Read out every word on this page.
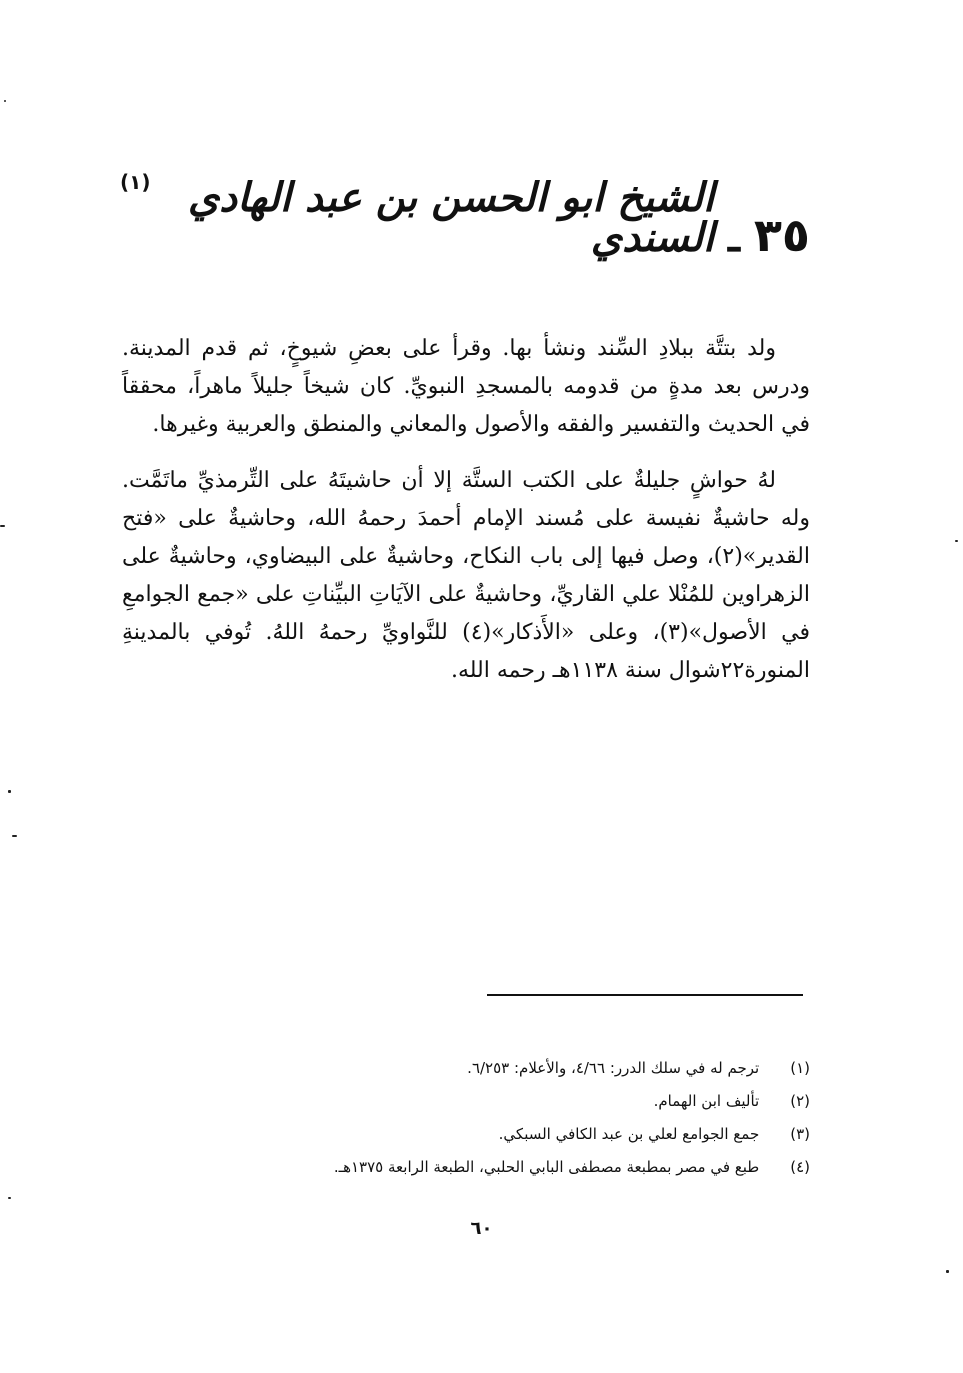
٣٥
ـ
الشيخ ابو الحسن بن عبد الهادي السندي
(١)

ولد بتتَّة ببلادِ السِّند ونشأ بها. وقرأ على بعضِ شيوخٍ، ثم قدم المدينة. ودرس بعد مدةٍ من قدومه بالمسجدِ النبويِّ. كان شيخاً جليلاً ماهراً، محققاً في الحديث والتفسير والفقه والأصول والمعاني والمنطق والعربية وغيرها.

لهُ حواشٍ جليلةٌ على الكتب الستَّة إلا أن حاشيتَهُ على التِّرمذيِّ ماتَمَّت. وله حاشيةٌ نفيسة على مُسند الإمام أحمدَ رحمهُ الله، وحاشيةٌ على «فتح القدير»(٢)، وصل فيها إلى باب النكاح، وحاشيةٌ على البيضاوي، وحاشيةٌ على الزهراوين للمُنْلا علي القاريِّ، وحاشيةٌ على الآيَاتِ البيِّناتِ على «جمع الجوامعِ في الأصول»(٣)، وعلى «الأَذكار»(٤) للنَّواويِّ رحمهُ اللهُ. تُوفي بالمدينةِ المنورة٢٢شوال سنة ١١٣٨هـ رحمه الله.

(١) ترجم له في سلك الدرر: ٤/٦٦، والأعلام: ٦/٢٥٣.
(٢) تأليف ابن الهمام.
(٣) جمع الجوامع لعلي بن عبد الكافي السبكي.
(٤) طبع في مصر بمطبعة مصطفى البابي الحلبي، الطبعة الرابعة ١٣٧٥هـ.
٦٠
